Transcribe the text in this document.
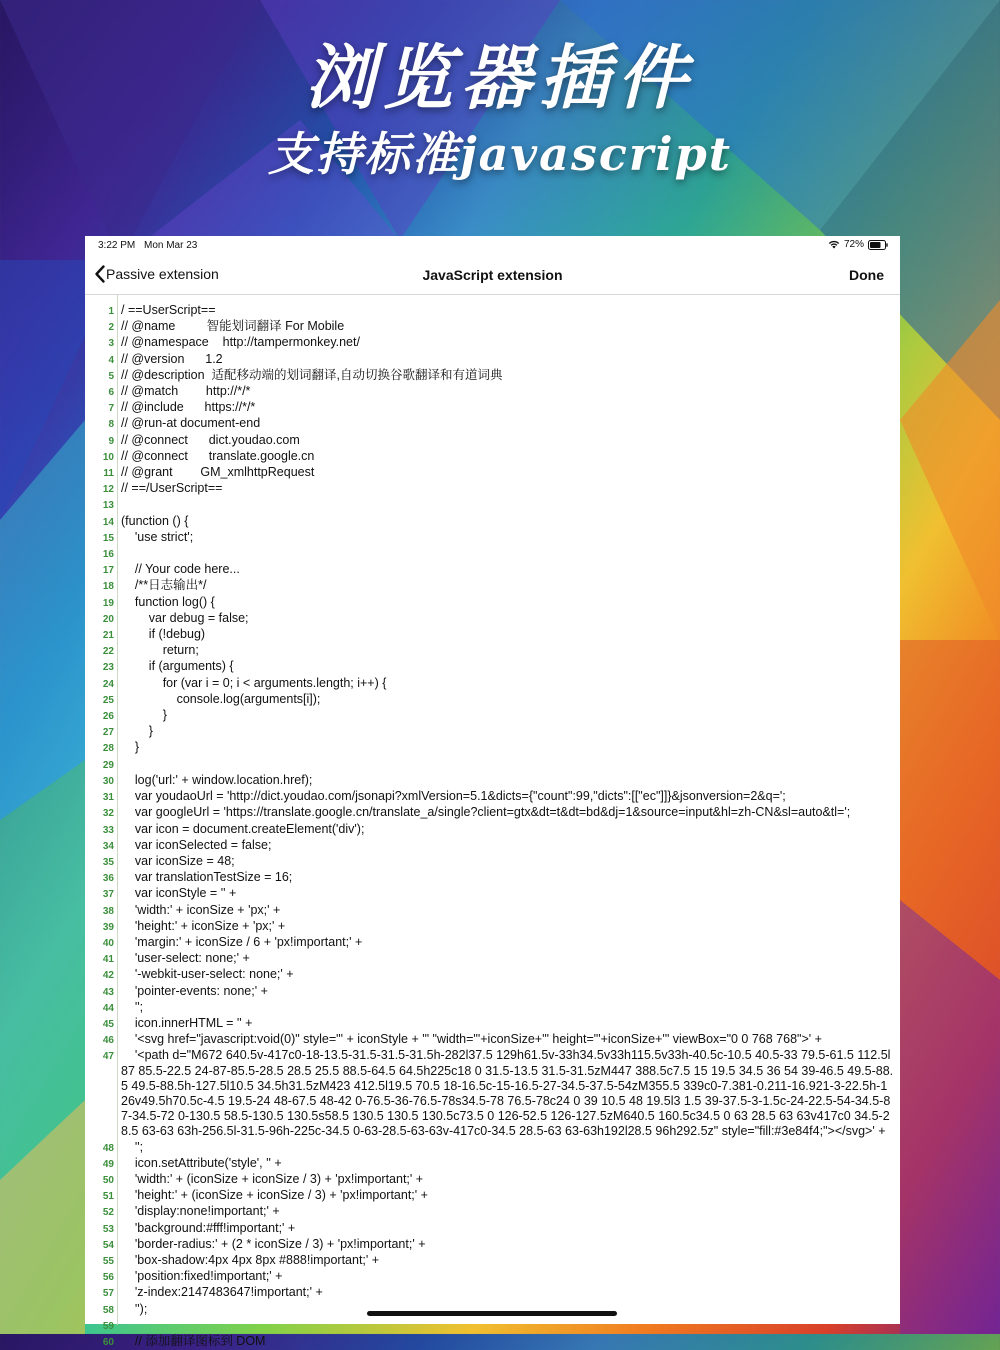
浏览器插件
支持标准javascript
3:22 PM Mon Mar 23	72%
Passive extension	JavaScript extension	Done
1 / ==UserScript==
2 // @name         智能划词翻译 For Mobile
3 // @namespace    http://tampermonkey.net/
4 // @version      1.2
5 // @description  适配移动端的划词翻译,自动切换谷歌翻译和有道词典
6 // @match        http://*/*
7 // @include      https://*/*
8 // @run-at document-end
9 // @connect      dict.youdao.com
10 // @connect      translate.google.cn
11 // @grant        GM_xmlhttpRequest
12 // ==/UserScript==
13
14 (function () {
15 'use strict';
16
17 // Your code here...
18 /**日志输出*/
19 function log() {
20 var debug = false;
21 if (!debug)
22 return;
23 if (arguments) {
24 for (var i = 0; i < arguments.length; i++) {
25 console.log(arguments[i]);
26 }
27 }
28 }
29
30 log('url:' + window.location.href);
31 var youdaoUrl = 'http://dict.youdao.com/jsonapi?xmlVersion=5.1&dicts={"count":99,"dicts":[["ec"]]}&jsonversion=2&q=';
32 var googleUrl = 'https://translate.google.cn/translate_a/single?client=gtx&dt=t&dt=bd&dj=1&source=input&hl=zh-CN&sl=auto&tl=';
33 var icon = document.createElement('div');
34 var iconSelected = false;
35 var iconSize = 48;
36 var translationTestSize = 16;
37 var iconStyle = '' +
38 'width:' + iconSize + 'px;' +
39 'height:' + iconSize + 'px;' +
40 'margin:' + iconSize / 6 + 'px!important;' +
41 'user-select: none;' +
42 '-webkit-user-select: none;' +
43 'pointer-events: none;' +
44 '';
45 icon.innerHTML = '' +
46 '<svg href="javascript:void(0)" style="' + iconStyle + '" "width="'+iconSize+'" height="'+iconSize+'" viewBox="0 0 768 768">' +
47 '<path d="M672 640.5v-417c0-18-13.5-31.5-31.5-31.5h-282l37.5 129h61.5v-33h34.5v33h115.5v33h-40.5c-10.5 40.5-33 79.5-61.5 112.5l87 85.5-22.5 24-87-85.5-28.5 28.5 25.5 88.5-64.5 64.5h225c18 0 31.5-13.5 31.5-31.5zM447 388.5c7.5 15 19.5 34.5 36 54 39-46.5 49.5-88.5 49.5-88.5h-127.5l10.5 34.5h31.5zM423 412.5l19.5 70.5 18-16.5c-15-16.5-27-34.5-37.5-54zM355.5 339c0-7.381-0.211-16.921-3-22.5h-126v49.5h70.5c-4.5 19.5-24 48-67.5 48-42 0-76.5-36-76.5-78s34.5-78 76.5-78c24 0 39 10.5 48 19.5l3 1.5 39-37.5-3-1.5c-24-22.5-54-34.5-87-34.5-72 0-130.5 58.5-130.5 130.5s58.5 130.5 130.5 130.5c73.5 0 126-52.5 126-127.5zM640.5 160.5c34.5 0 63 28.5 63 63v417c0 34.5-28.5 63-63 63h-256.5l-31.5-96h-225c-34.5 0-63-28.5-63-63v-417c0-34.5 28.5-63 63-63h192l28.5 96h292.5z" style="fill:#3e84f4;"></svg>' +
48 '';
49 icon.setAttribute('style', '' +
50 'width:' + (iconSize + iconSize / 3) + 'px!important;' +
51 'height:' + (iconSize + iconSize / 3) + 'px!important;' +
52 'display:none!important;' +
53 'background:#fff!important;' +
54 'border-radius:' + (2 * iconSize / 3) + 'px!important;' +
55 'box-shadow:4px 4px 8px #888!important;' +
56 'position:fixed!important;' +
57 'z-index:2147483647!important;' +
58 '');
59
60 // 添加翻译图标到 DOM
